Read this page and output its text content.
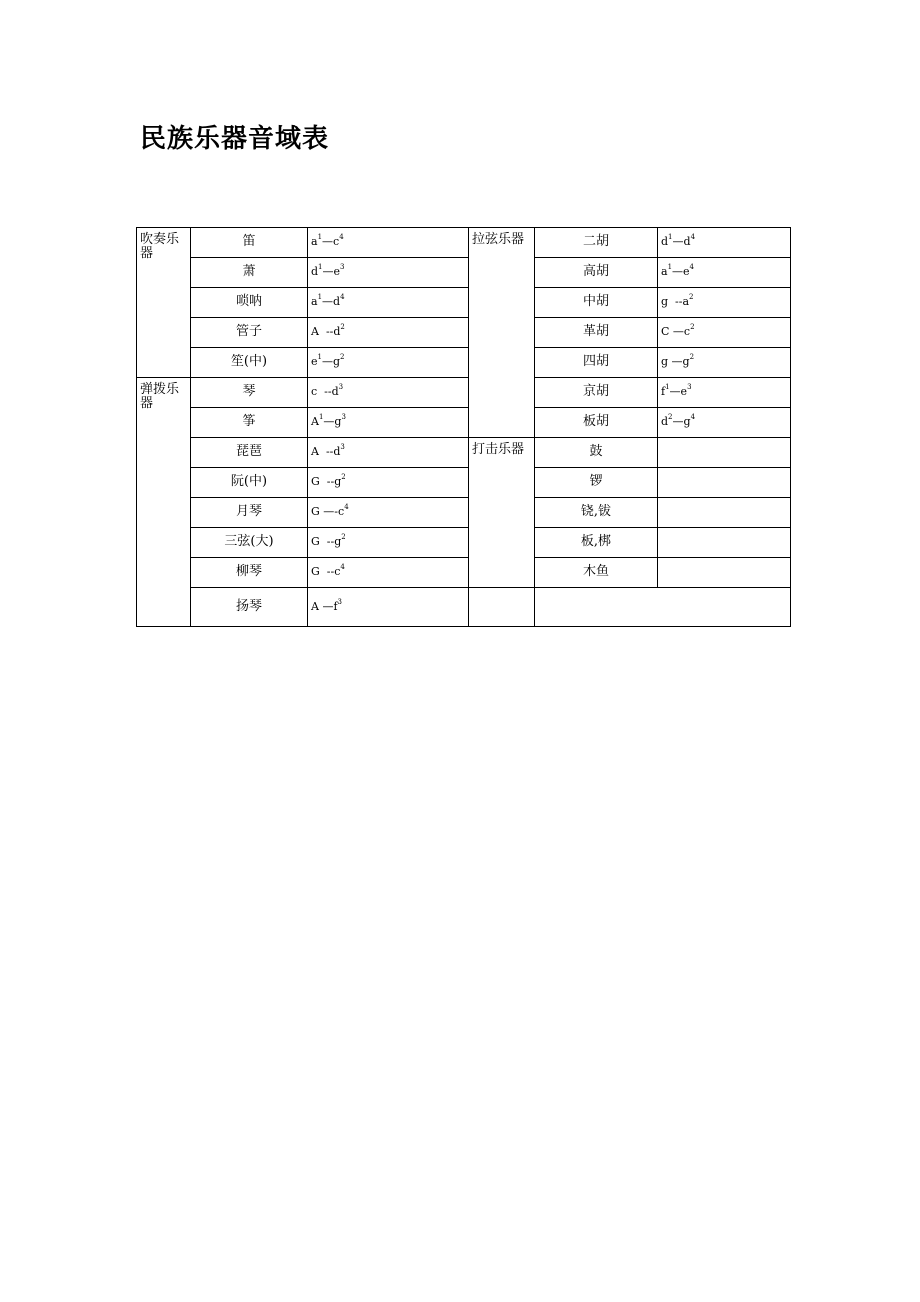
民族乐器音域表
吹奏乐器	笛	$a^1—c^4$	拉弦乐器	二胡	$d^1—d^4$
	萧	$d^1—e^3$		高胡	$a^1—e^4$
	唢呐	$a^1—d^4$		中胡	g  $--a^2$
	管子	A  $--d^2$		革胡	C $—c^2$
	笙(中)	$e^1—g^2$		四胡	g $—g^2$
弹拨乐器	琴	c  $--d^3$		京胡	$f^1—e^3$
	筝	$A^1—g^3$		板胡	$d^2—g^4$
	琵琶	A  $--d^3$	打击乐器	鼓	
	阮(中)	G  $--g^2$		锣	
	月琴	G $—-c^4$		铙,钹	
	三弦(大)	G  $--g^2$		板,梆	
	柳琴	G  $--c^4$		木鱼	
	扬琴	A $—f^3$		
